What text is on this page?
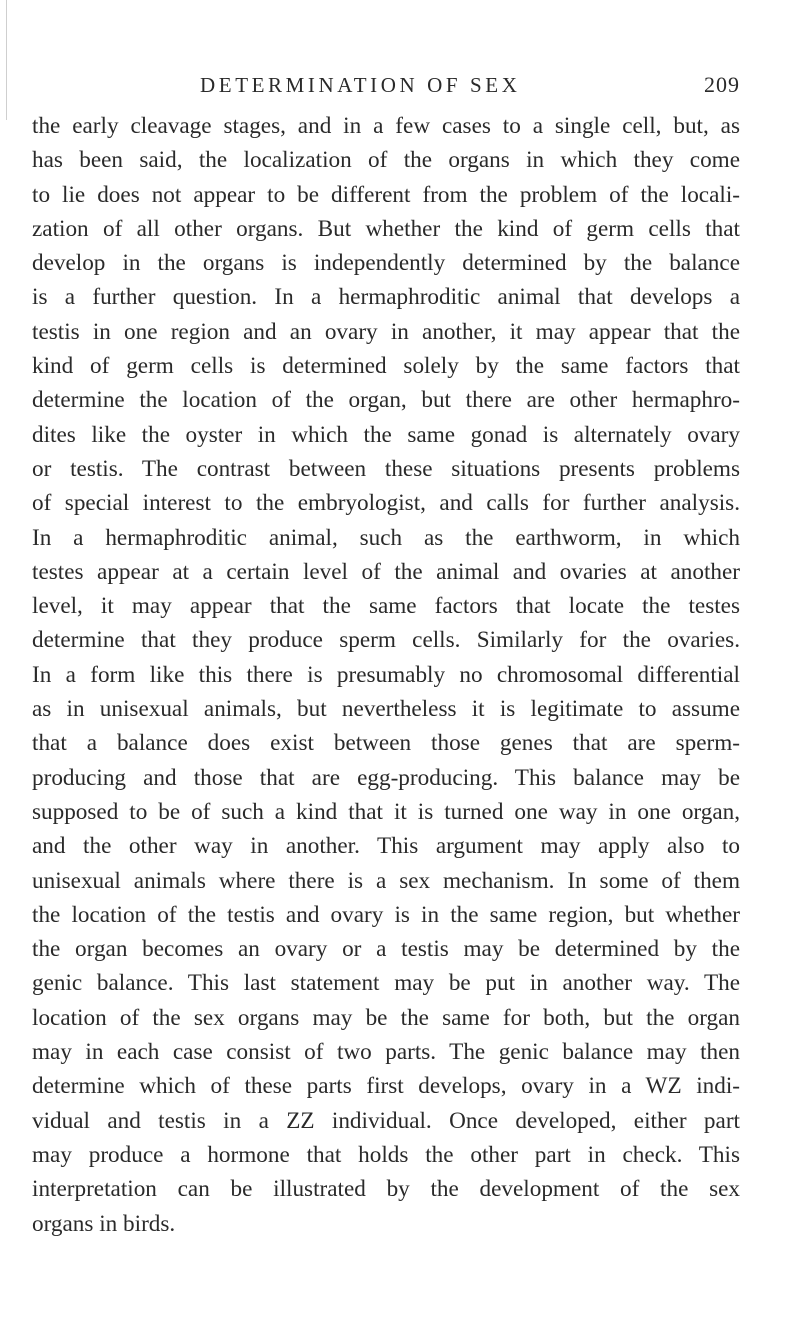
DETERMINATION OF SEX	209
the early cleavage stages, and in a few cases to a single cell, but, as
has been said, the localization of the organs in which they come
to lie does not appear to be different from the problem of the locali-
zation of all other organs. But whether the kind of germ cells that
develop in the organs is independently determined by the balance
is a further question. In a hermaphroditic animal that develops a
testis in one region and an ovary in another, it may appear that the
kind of germ cells is determined solely by the same factors that
determine the location of the organ, but there are other hermaphro-
dites like the oyster in which the same gonad is alternately ovary
or testis. The contrast between these situations presents problems
of special interest to the embryologist, and calls for further analysis.
In a hermaphroditic animal, such as the earthworm, in which
testes appear at a certain level of the animal and ovaries at another
level, it may appear that the same factors that locate the testes
determine that they produce sperm cells. Similarly for the ovaries.
In a form like this there is presumably no chromosomal differential
as in unisexual animals, but nevertheless it is legitimate to assume
that a balance does exist between those genes that are sperm-
producing and those that are egg-producing. This balance may be
supposed to be of such a kind that it is turned one way in one organ,
and the other way in another. This argument may apply also to
unisexual animals where there is a sex mechanism. In some of them
the location of the testis and ovary is in the same region, but whether
the organ becomes an ovary or a testis may be determined by the
genic balance. This last statement may be put in another way. The
location of the sex organs may be the same for both, but the organ
may in each case consist of two parts. The genic balance may then
determine which of these parts first develops, ovary in a WZ indi-
vidual and testis in a ZZ individual. Once developed, either part
may produce a hormone that holds the other part in check. This
interpretation can be illustrated by the development of the sex
organs in birds.
